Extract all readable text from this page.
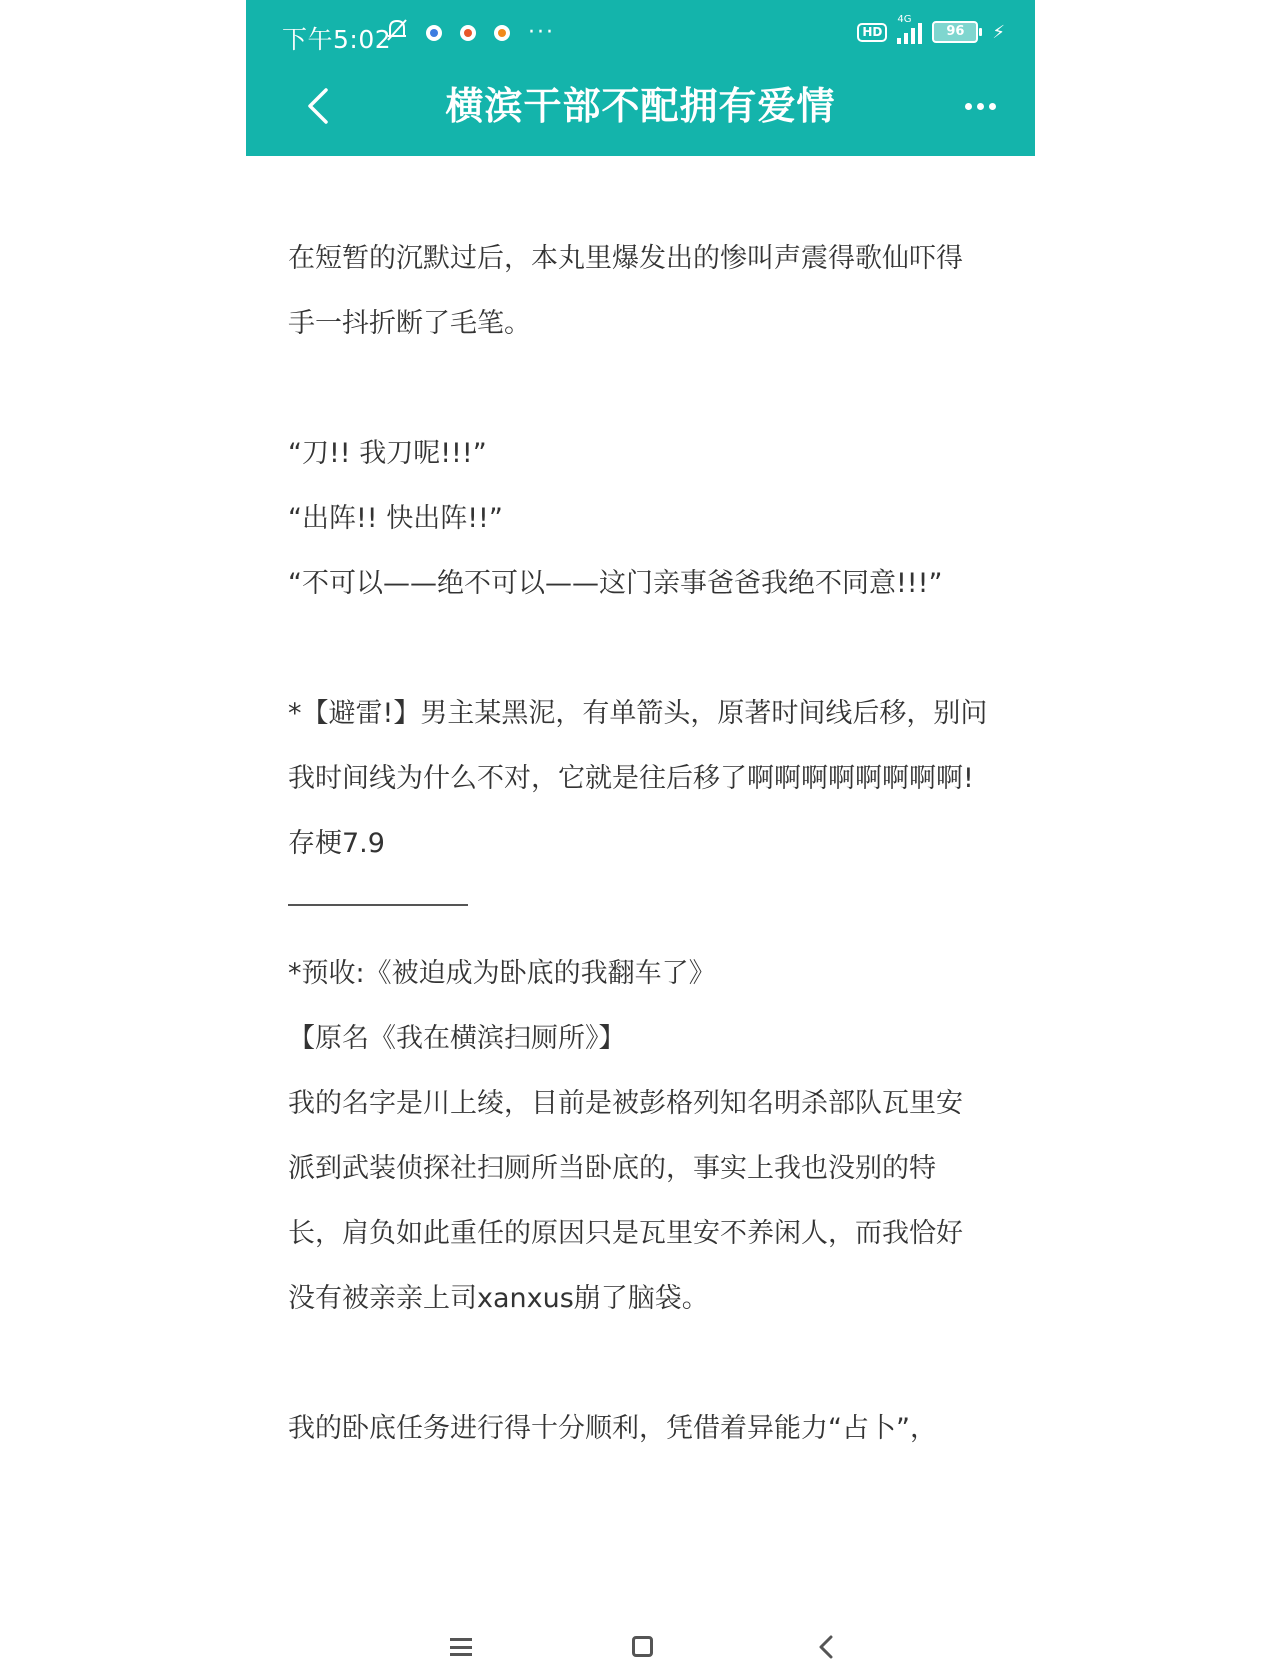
下午5:02	···	HD
4G
96	⚡
横滨干部不配拥有爱情

在短暂的沉默过后，本丸里爆发出的惨叫声震得歌仙吓得手一抖折断了毛笔。

“刀!! 我刀呢!!!”

“出阵!! 快出阵!!”

“不可以——绝不可以——这门亲事爸爸我绝不同意!!!”

*【避雷!】男主某黑泥，有单箭头，原著时间线后移，别问我时间线为什么不对，它就是往后移了啊啊啊啊啊啊啊啊!

存梗7.9

*预收:《被迫成为卧底的我翻车了》

【原名《我在横滨扫厕所》】

我的名字是川上绫，目前是被彭格列知名明杀部队瓦里安派到武装侦探社扫厕所当卧底的，事实上我也没别的特长，肩负如此重任的原因只是瓦里安不养闲人，而我恰好没有被亲亲上司xanxus崩了脑袋。

我的卧底任务进行得十分顺利，凭借着异能力“占卜”，
